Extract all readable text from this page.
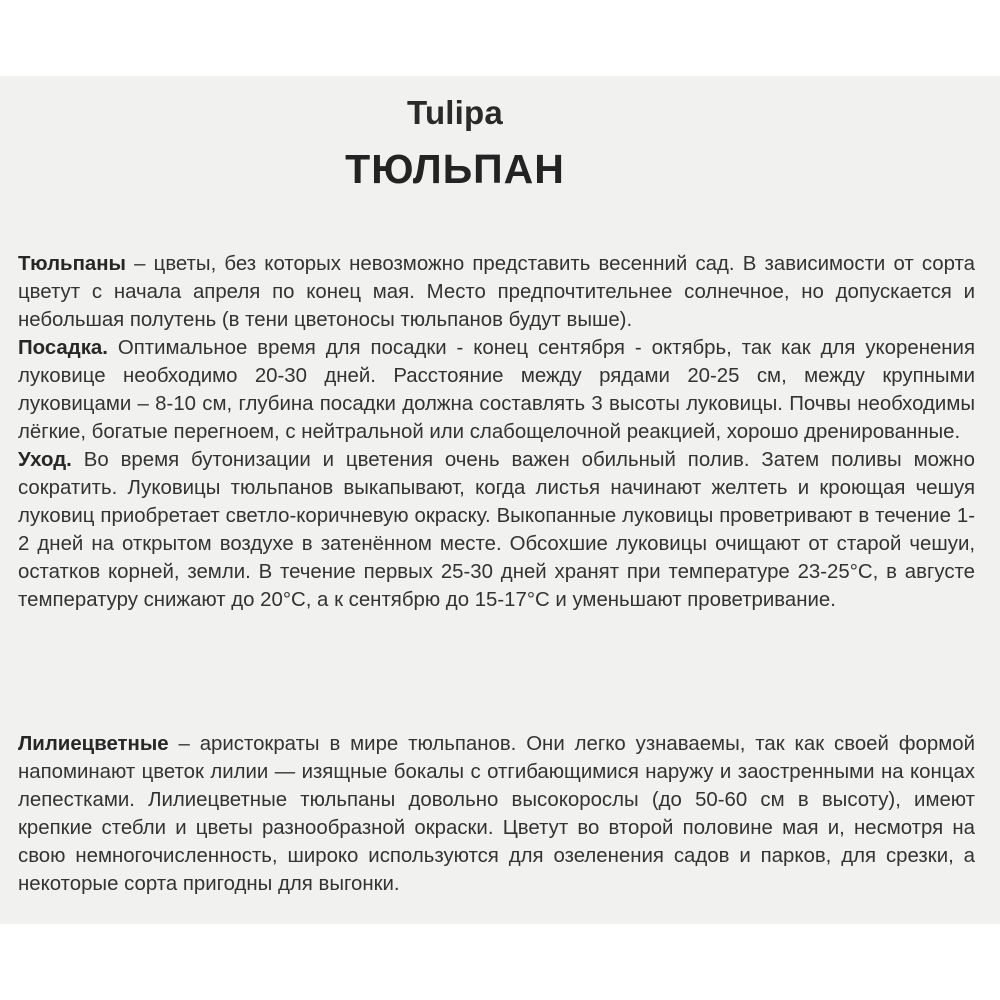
Tulipa
ТЮЛЬПАН

Тюльпаны – цветы, без которых невозможно представить весенний сад. В зависимости от сорта цветут с начала апреля по конец мая. Место предпочтительнее солнечное, но допускается и небольшая полутень (в тени цветоносы тюльпанов будут выше).

Посадка. Оптимальное время для посадки - конец сентября - октябрь, так как для укоренения луковице необходимо 20-30 дней. Расстояние между рядами 20-25 см, между крупными луковицами – 8-10 см, глубина посадки должна составлять 3 высоты луковицы. Почвы необходимы лёгкие, богатые перегноем, с нейтральной или слабощелочной реакцией, хорошо дренированные.

Уход. Во время бутонизации и цветения очень важен обильный полив. Затем поливы можно сократить. Луковицы тюльпанов выкапывают, когда листья начинают желтеть и кроющая чешуя луковиц приобретает светло-коричневую окраску. Выкопанные луковицы проветривают в течение 1-2 дней на открытом воздухе в затенённом месте. Обсохшие луковицы очищают от старой чешуи, остатков корней, земли. В течение первых 25-30 дней хранят при температуре 23-25°С, в августе температуру снижают до 20°С, а к сентябрю до 15-17°С и уменьшают проветривание.

Лилиецветные – аристократы в мире тюльпанов. Они легко узнаваемы, так как своей формой напоминают цветок лилии — изящные бокалы с отгибающимися наружу и заостренными на концах лепестками. Лилиецветные тюльпаны довольно высокорослы (до 50-60 см в высоту), имеют крепкие стебли и цветы разнообразной окраски. Цветут во второй половине мая и, несмотря на свою немногочисленность, широко используются для озеленения садов и парков, для срезки, а некоторые сорта пригодны для выгонки.
